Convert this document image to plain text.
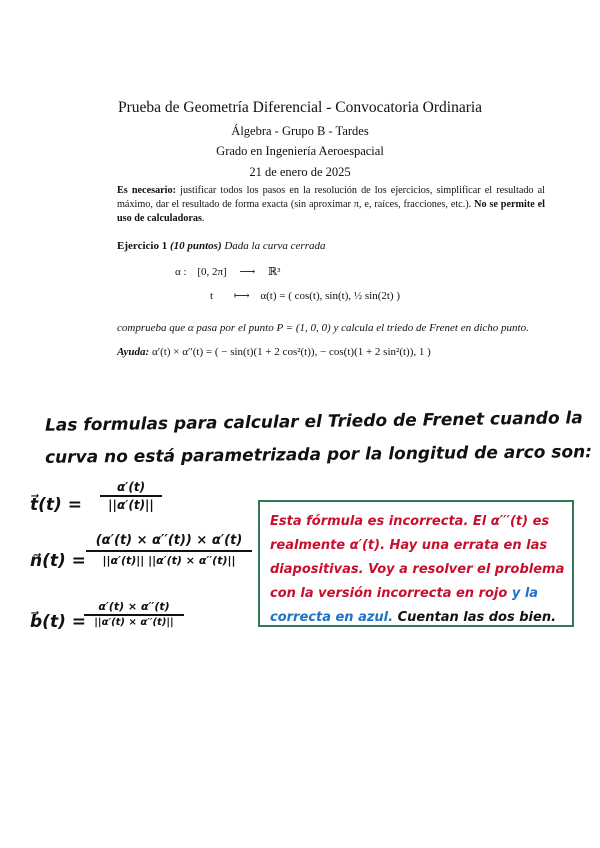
Prueba de Geometría Diferencial - Convocatoria Ordinaria
Álgebra - Grupo B - Tardes
Grado en Ingeniería Aeroespacial
21 de enero de 2025
Es necesario: justificar todos los pasos en la resolución de los ejercicios, simplificar el resultado al máximo, dar el resultado de forma exacta (sin aproximar π, e, raíces, fracciones, etc.). No se permite el uso de calculadoras.
Ejercicio 1 (10 puntos) Dada la curva cerrada
α : [0, 2π] ⟶ ℝ³
t ⟼ α(t) = ( cos(t), sin(t), ½ sin(2t) )
comprueba que α pasa por el punto P = (1, 0, 0) y calcula el triedo de Frenet en dicho punto.
Ayuda: α′(t) × α′′(t) = ( − sin(t)(1 + 2 cos²(t)), − cos(t)(1 + 2 sin²(t)), 1 )
Las formulas para calcular el Triedo de Frenet cuando la
curva no está parametrizada por la longitud de arco son:
t⃗(t) =
α′(t)
||α′(t)||
n⃗(t) =
(α′(t) × α′′(t)) × α′(t)
||α′(t)|| ||α′(t) × α′′(t)||
b⃗(t) =
α′(t) × α′′(t)
||α′(t) × α′′(t)||
Esta fórmula es incorrecta. El α′′′(t) es
realmente α′(t). Hay una errata en las
diapositivas. Voy a resolver el problema
con la versión incorrecta en rojo y la
correcta en azul. Cuentan las dos bien.
